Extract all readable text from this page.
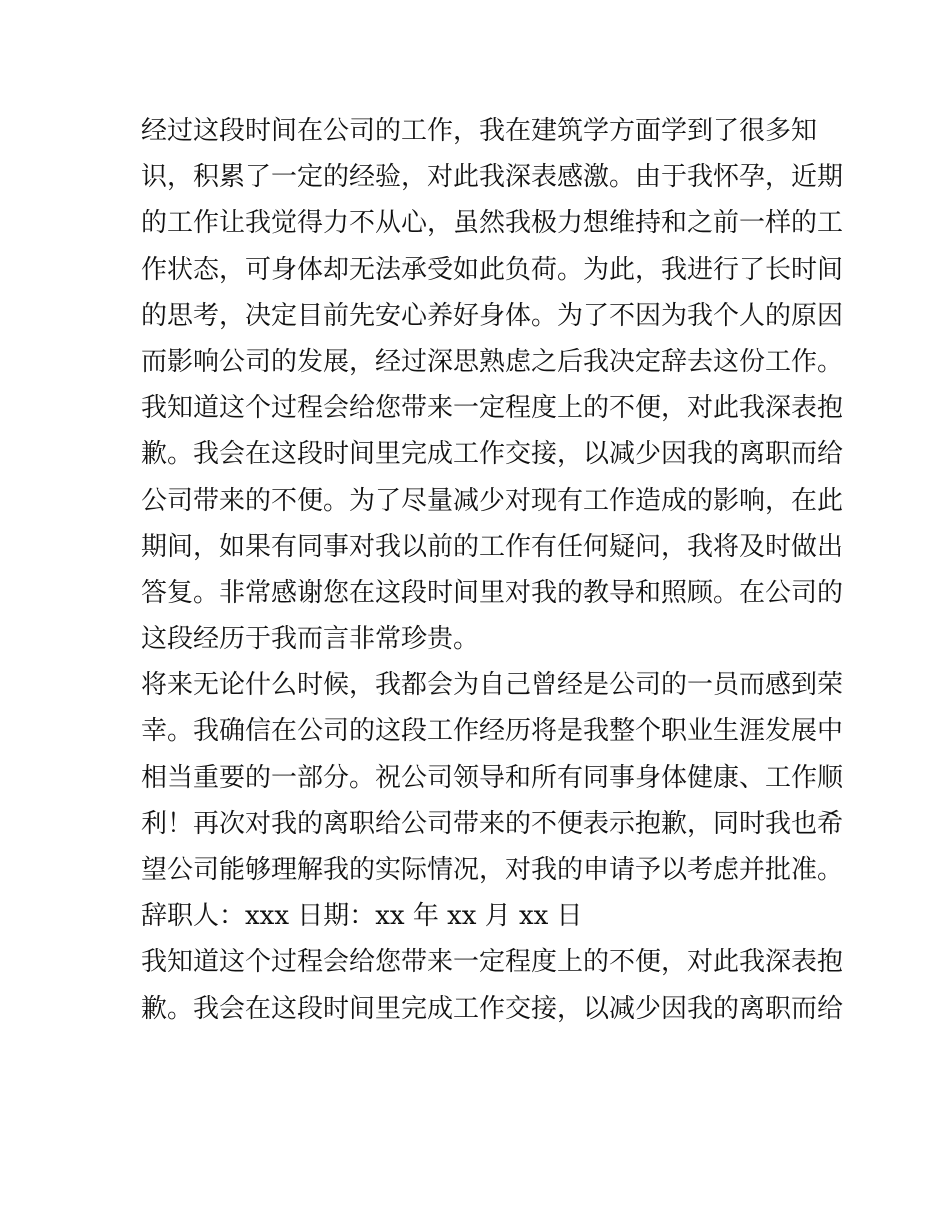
经过这段时间在公司的工作，我在建筑学方面学到了很多知
识，积累了一定的经验，对此我深表感激。由于我怀孕，近期
的工作让我觉得力不从心，虽然我极力想维持和之前一样的工
作状态，可身体却无法承受如此负荷。为此，我进行了长时间
的思考，决定目前先安心养好身体。为了不因为我个人的原因
而影响公司的发展，经过深思熟虑之后我决定辞去这份工作。
我知道这个过程会给您带来一定程度上的不便，对此我深表抱
歉。我会在这段时间里完成工作交接，以减少因我的离职而给
公司带来的不便。为了尽量减少对现有工作造成的影响，在此
期间，如果有同事对我以前的工作有任何疑问，我将及时做出
答复。非常感谢您在这段时间里对我的教导和照顾。在公司的
这段经历于我而言非常珍贵。
将来无论什么时候，我都会为自己曾经是公司的一员而感到荣
幸。我确信在公司的这段工作经历将是我整个职业生涯发展中
相当重要的一部分。祝公司领导和所有同事身体健康、工作顺
利！再次对我的离职给公司带来的不便表示抱歉，同时我也希
望公司能够理解我的实际情况，对我的申请予以考虑并批准。
辞职人：xxx 日期：xx 年 xx 月 xx 日
我知道这个过程会给您带来一定程度上的不便，对此我深表抱
歉。我会在这段时间里完成工作交接，以减少因我的离职而给
